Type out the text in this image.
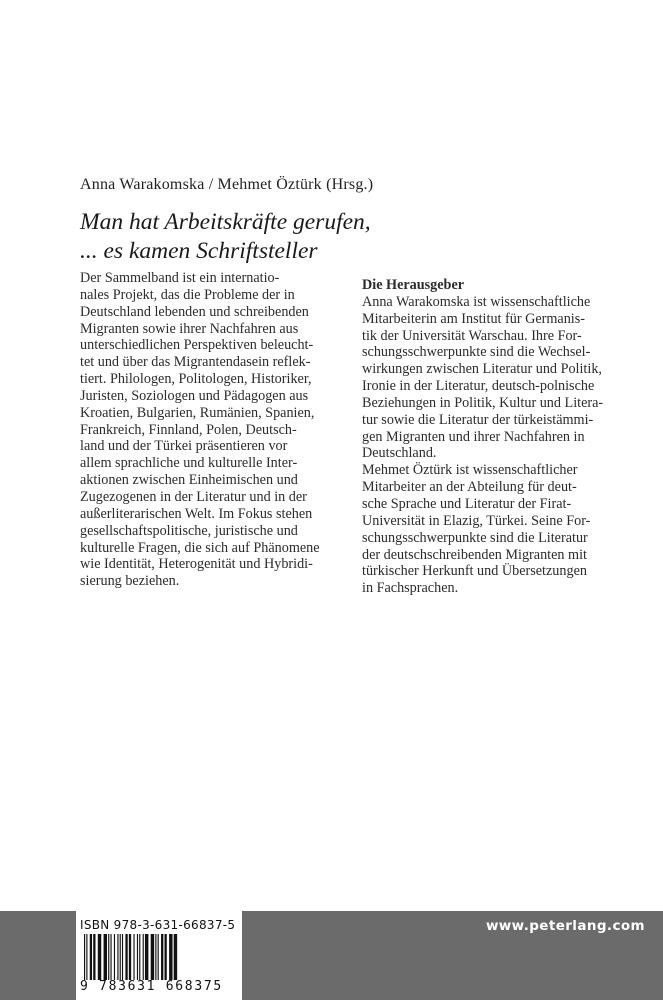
Anna Warakomska / Mehmet Öztürk (Hrsg.)
Man hat Arbeitskräfte gerufen,
... es kamen Schriftsteller
Der Sammelband ist ein internatio-
nales Projekt, das die Probleme der in
Deutschland lebenden und schreibenden
Migranten sowie ihrer Nachfahren aus
unterschiedlichen Perspektiven beleucht-
tet und über das Migrantendasein reflek-
tiert. Philologen, Politologen, Historiker,
Juristen, Soziologen und Pädagogen aus
Kroatien, Bulgarien, Rumänien, Spanien,
Frankreich, Finnland, Polen, Deutsch-
land und der Türkei präsentieren vor
allem sprachliche und kulturelle Inter-
aktionen zwischen Einheimischen und
Zugezogenen in der Literatur und in der
außerliterarischen Welt. Im Fokus stehen
gesellschaftspolitische, juristische und
kulturelle Fragen, die sich auf Phänomene
wie Identität, Heterogenität und Hybridi-
sierung beziehen.
Die Herausgeber
Anna Warakomska ist wissenschaftliche
Mitarbeiterin am Institut für Germanis-
tik der Universität Warschau. Ihre For-
schungsschwerpunkte sind die Wechsel-
wirkungen zwischen Literatur und Politik,
Ironie in der Literatur, deutsch-polnische
Beziehungen in Politik, Kultur und Litera-
tur sowie die Literatur der türkeistämmi-
gen Migranten und ihrer Nachfahren in
Deutschland.
Mehmet Öztürk ist wissenschaftlicher
Mitarbeiter an der Abteilung für deut-
sche Sprache und Literatur der Firat-
Universität in Elazig, Türkei. Seine For-
schungsschwerpunkte sind die Literatur
der deutschschreibenden Migranten mit
türkischer Herkunft und Übersetzungen
in Fachsprachen.
www.peterlang.com
ISBN 978-3-631-66837-5
9 783631 668375
